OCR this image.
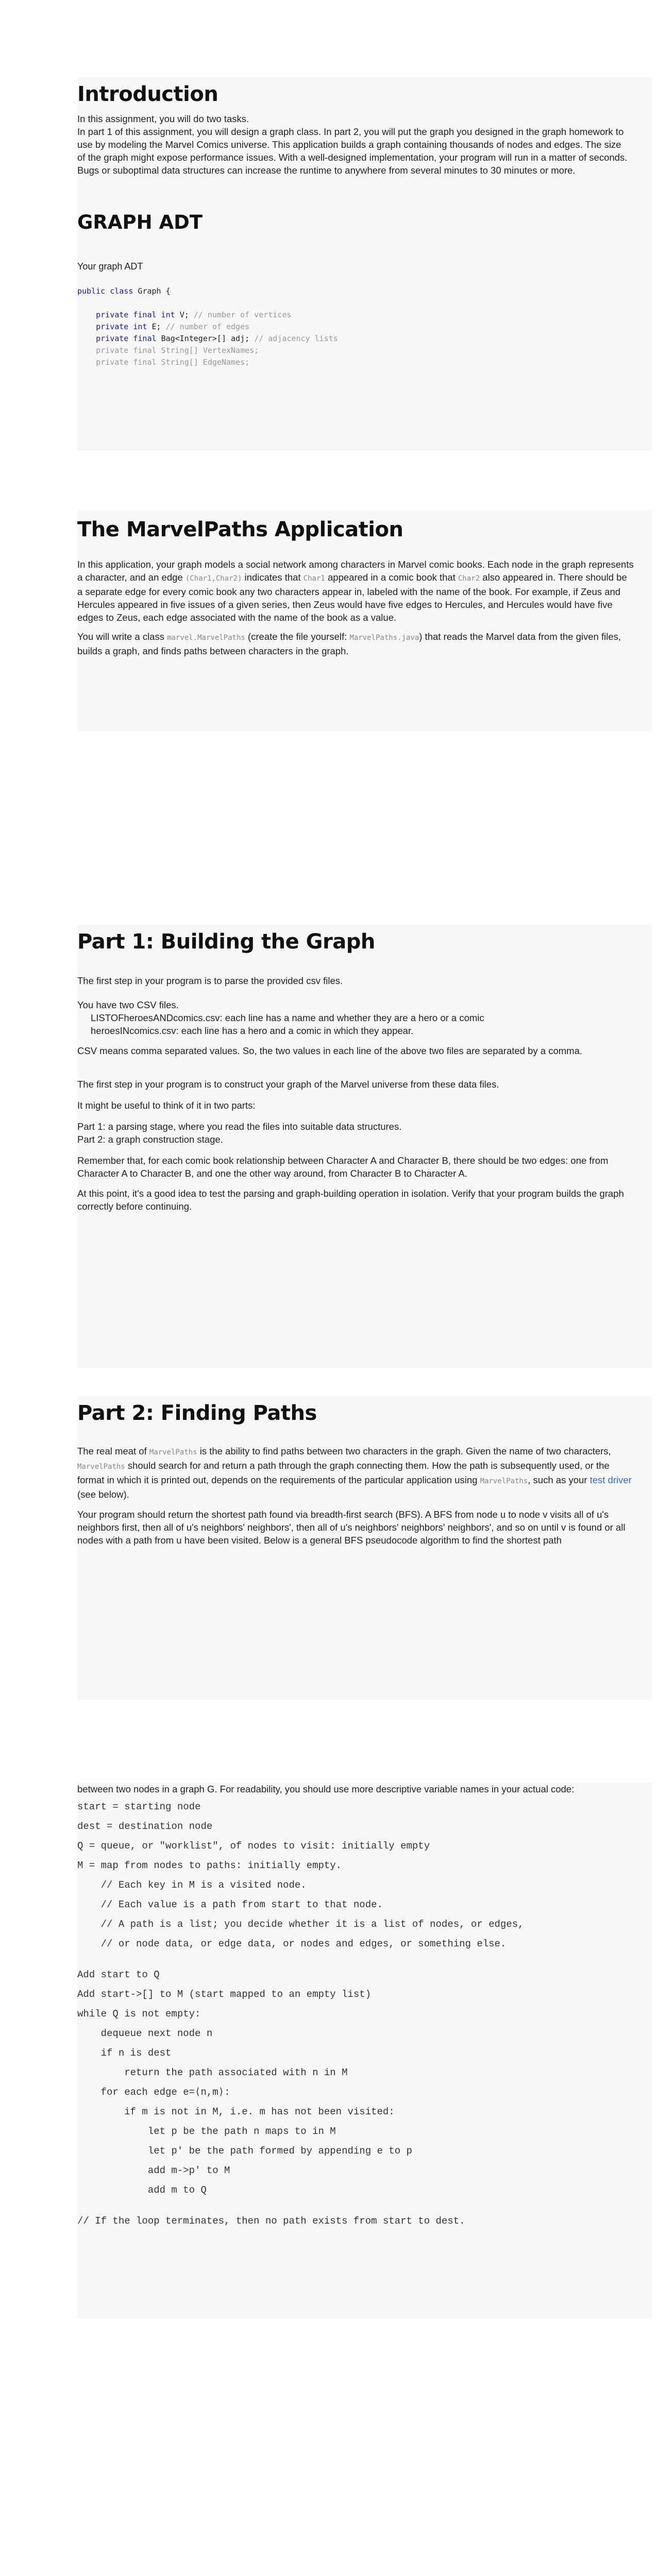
Introduction

In this assignment, you will do two tasks.

In part 1 of this assignment, you will design a graph class. In part 2, you will put the graph you designed in the graph homework to use by modeling the Marvel Comics universe. This application builds a graph containing thousands of nodes and edges. The size of the graph might expose performance issues. With a well-designed implementation, your program will run in a matter of seconds. Bugs or suboptimal data structures can increase the runtime to anywhere from several minutes to 30 minutes or more.

GRAPH ADT

Your graph ADT

public class Graph {

private final int V; // number of vertices
private int E; // number of edges
private final Bag<Integer>[] adj; // adjacency lists
private final String[] VertexNames;
private final String[] EdgeNames;
The MarvelPaths Application

In this application, your graph models a social network among characters in Marvel comic books. Each node in the graph represents a character, and an edge (Char1,Char2) indicates that Char1 appeared in a comic book that Char2 also appeared in. There should be a separate edge for every comic book any two characters appear in, labeled with the name of the book. For example, if Zeus and Hercules appeared in five issues of a given series, then Zeus would have five edges to Hercules, and Hercules would have five edges to Zeus, each edge associated with the name of the book as a value.

You will write a class marvel.MarvelPaths (create the file yourself: MarvelPaths.java) that reads the Marvel data from the given files, builds a graph, and finds paths between characters in the graph.

Part 1: Building the Graph

The first step in your program is to parse the provided csv files.

You have two CSV files.

LISTOFheroesANDcomics.csv: each line has a name and whether they are a hero or a comic

heroesINcomics.csv: each line has a hero and a comic in which they appear.

CSV means comma separated values. So, the two values in each line of the above two files are separated by a comma.

The first step in your program is to construct your graph of the Marvel universe from these data files.

It might be useful to think of it in two parts:

Part 1: a parsing stage, where you read the files into suitable data structures.

Part 2: a graph construction stage.

Remember that, for each comic book relationship between Character A and Character B, there should be two edges: one from Character A to Character B, and one the other way around, from Character B to Character A.

At this point, it's a good idea to test the parsing and graph-building operation in isolation. Verify that your program builds the graph correctly before continuing.

Part 2: Finding Paths

The real meat of MarvelPaths is the ability to find paths between two characters in the graph. Given the name of two characters, MarvelPaths should search for and return a path through the graph connecting them. How the path is subsequently used, or the format in which it is printed out, depends on the requirements of the particular application using MarvelPaths, such as your test driver (see below).

Your program should return the shortest path found via breadth-first search (BFS). A BFS from node u to node v visits all of u's neighbors first, then all of u's neighbors' neighbors', then all of u's neighbors' neighbors' neighbors', and so on until v is found or all nodes with a path from u have been visited. Below is a general BFS pseudocode algorithm to find the shortest path

between two nodes in a graph G. For readability, you should use more descriptive variable names in your actual code:

start = starting node

dest = destination node

Q = queue, or "worklist", of nodes to visit: initially empty

M = map from nodes to paths: initially empty.

// Each key in M is a visited node.

// Each value is a path from start to that node.

// A path is a list; you decide whether it is a list of nodes, or edges,

// or node data, or edge data, or nodes and edges, or something else.

Add start to Q

Add start->[] to M (start mapped to an empty list)

while Q is not empty:

dequeue next node n

if n is dest

return the path associated with n in M

for each edge e=⟨n,m⟩:

if m is not in M, i.e. m has not been visited:

let p be the path n maps to in M

let p' be the path formed by appending e to p

add m->p' to M

add m to Q

// If the loop terminates, then no path exists from start to dest.
